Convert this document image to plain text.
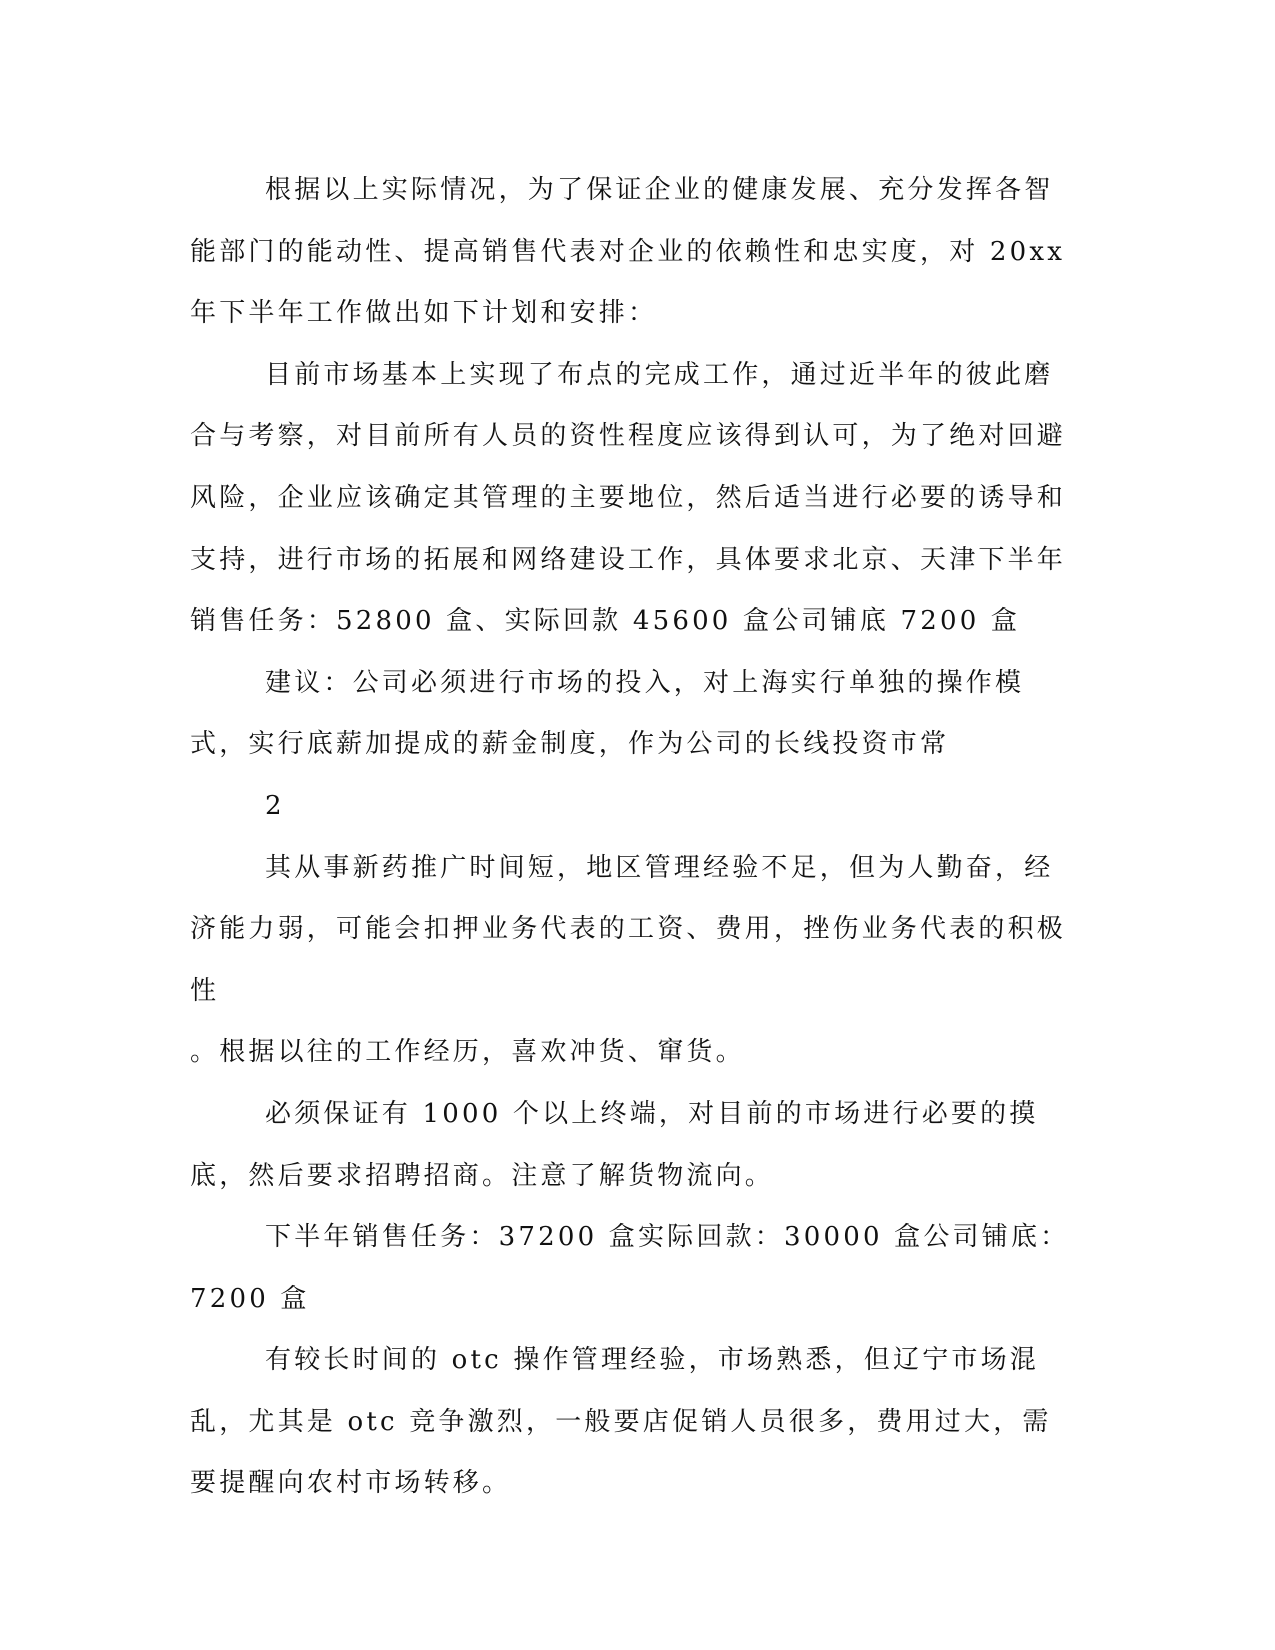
根据以上实际情况，为了保证企业的健康发展、充分发挥各智能部门的能动性、提高销售代表对企业的依赖性和忠实度，对 20xx 年下半年工作做出如下计划和安排：

目前市场基本上实现了布点的完成工作，通过近半年的彼此磨合与考察，对目前所有人员的资性程度应该得到认可，为了绝对回避风险，企业应该确定其管理的主要地位，然后适当进行必要的诱导和支持，进行市场的拓展和网络建设工作，具体要求北京、天津下半年销售任务：52800 盒、实际回款 45600 盒公司铺底 7200 盒

建议：公司必须进行市场的投入，对上海实行单独的操作模式，实行底薪加提成的薪金制度，作为公司的长线投资市常

2

其从事新药推广时间短，地区管理经验不足，但为人勤奋，经济能力弱，可能会扣押业务代表的工资、费用，挫伤业务代表的积极性

。根据以往的工作经历，喜欢冲货、窜货。

必须保证有 1000 个以上终端，对目前的市场进行必要的摸底，然后要求招聘招商。注意了解货物流向。

下半年销售任务：37200 盒实际回款：30000 盒公司铺底：7200 盒

有较长时间的 otc 操作管理经验，市场熟悉，但辽宁市场混乱，尤其是 otc 竞争激烈，一般要店促销人员很多，费用过大，需要提醒向农村市场转移。
